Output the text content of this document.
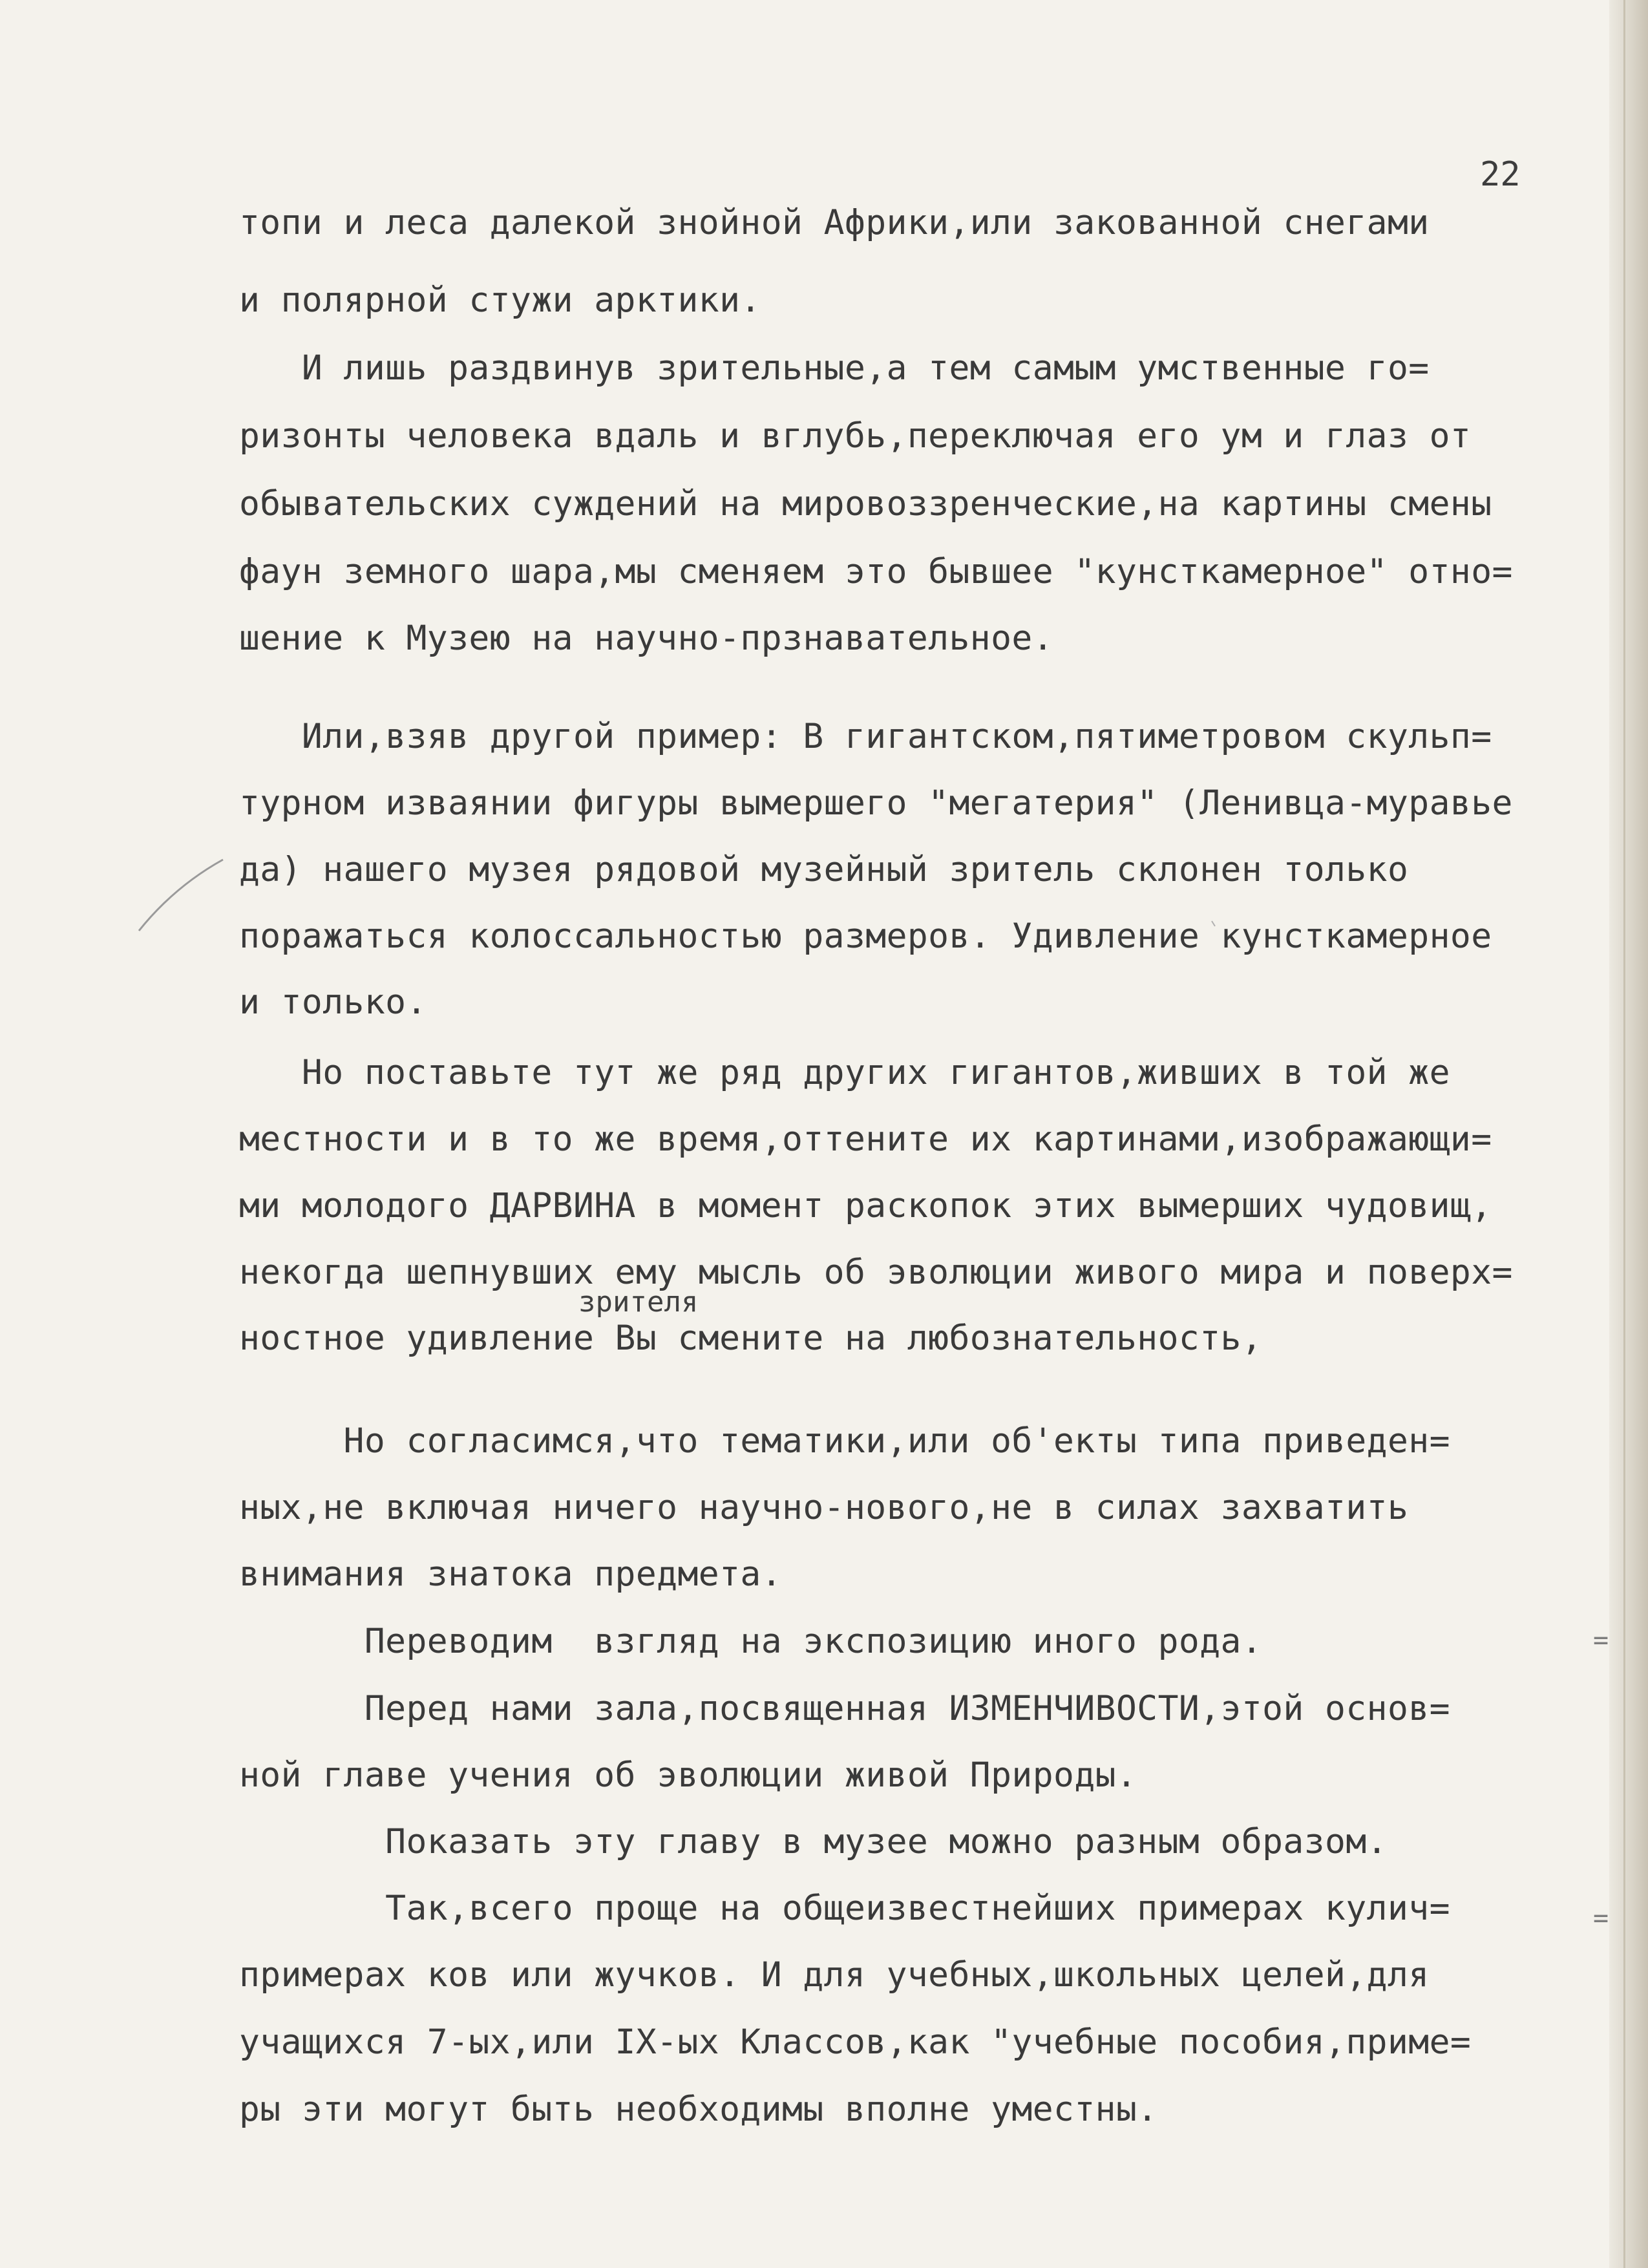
22
топи и леса далекой знойной Африки,или закованной снегами
и полярной стужи арктики.
И лишь раздвинув зрительные,а тем самым умственные го=
ризонты человека вдаль и вглубь,переключая его ум и глаз от
обывательских суждений на мировоззренческие,на картины смены
фаун земного шара,мы сменяем это бывшее "кунсткамерное" отно=
шение к Музею на научно-прзнавательное.
Или,взяв другой пример: В гигантском,пятиметровом скульп=
турном изваянии фигуры вымершего "мегатерия" (Ленивца-муравье
да) нашего музея рядовой музейный зритель склонен только
поражаться колоссальностью размеров. Удивление кунсткамерное
и только.
Но поставьте тут же ряд других гигантов,живших в той же
местности и в то же время,оттените их картинами,изображающи=
ми молодого ДАРВИНА в момент раскопок этих вымерших чудовищ,
некогда шепнувших ему мысль об эволюции живого мира и поверх=
зрителя
ностное удивление Вы смените на любознательность,
Но согласимся,что тематики,или об'екты типа приведен=
ных,не включая ничего научно-нового,не в силах захватить
внимания знатока предмета.
Переводим  взгляд на экспозицию иного рода.
Перед нами зала,посвященная ИЗМЕНЧИВОСТИ,этой основ=
ной главе учения об эволюции живой Природы.
Показать эту главу в музее можно разным образом.
Так,всего проще на общеизвестнейших примерах кулич=
примерах ков или жучков. И для учебных,школьных целей,для
учащихся 7-ых,или IX-ых Классов,как "учебные пособия,приме=
ры эти могут быть необходимы вполне уместны.
=
=
